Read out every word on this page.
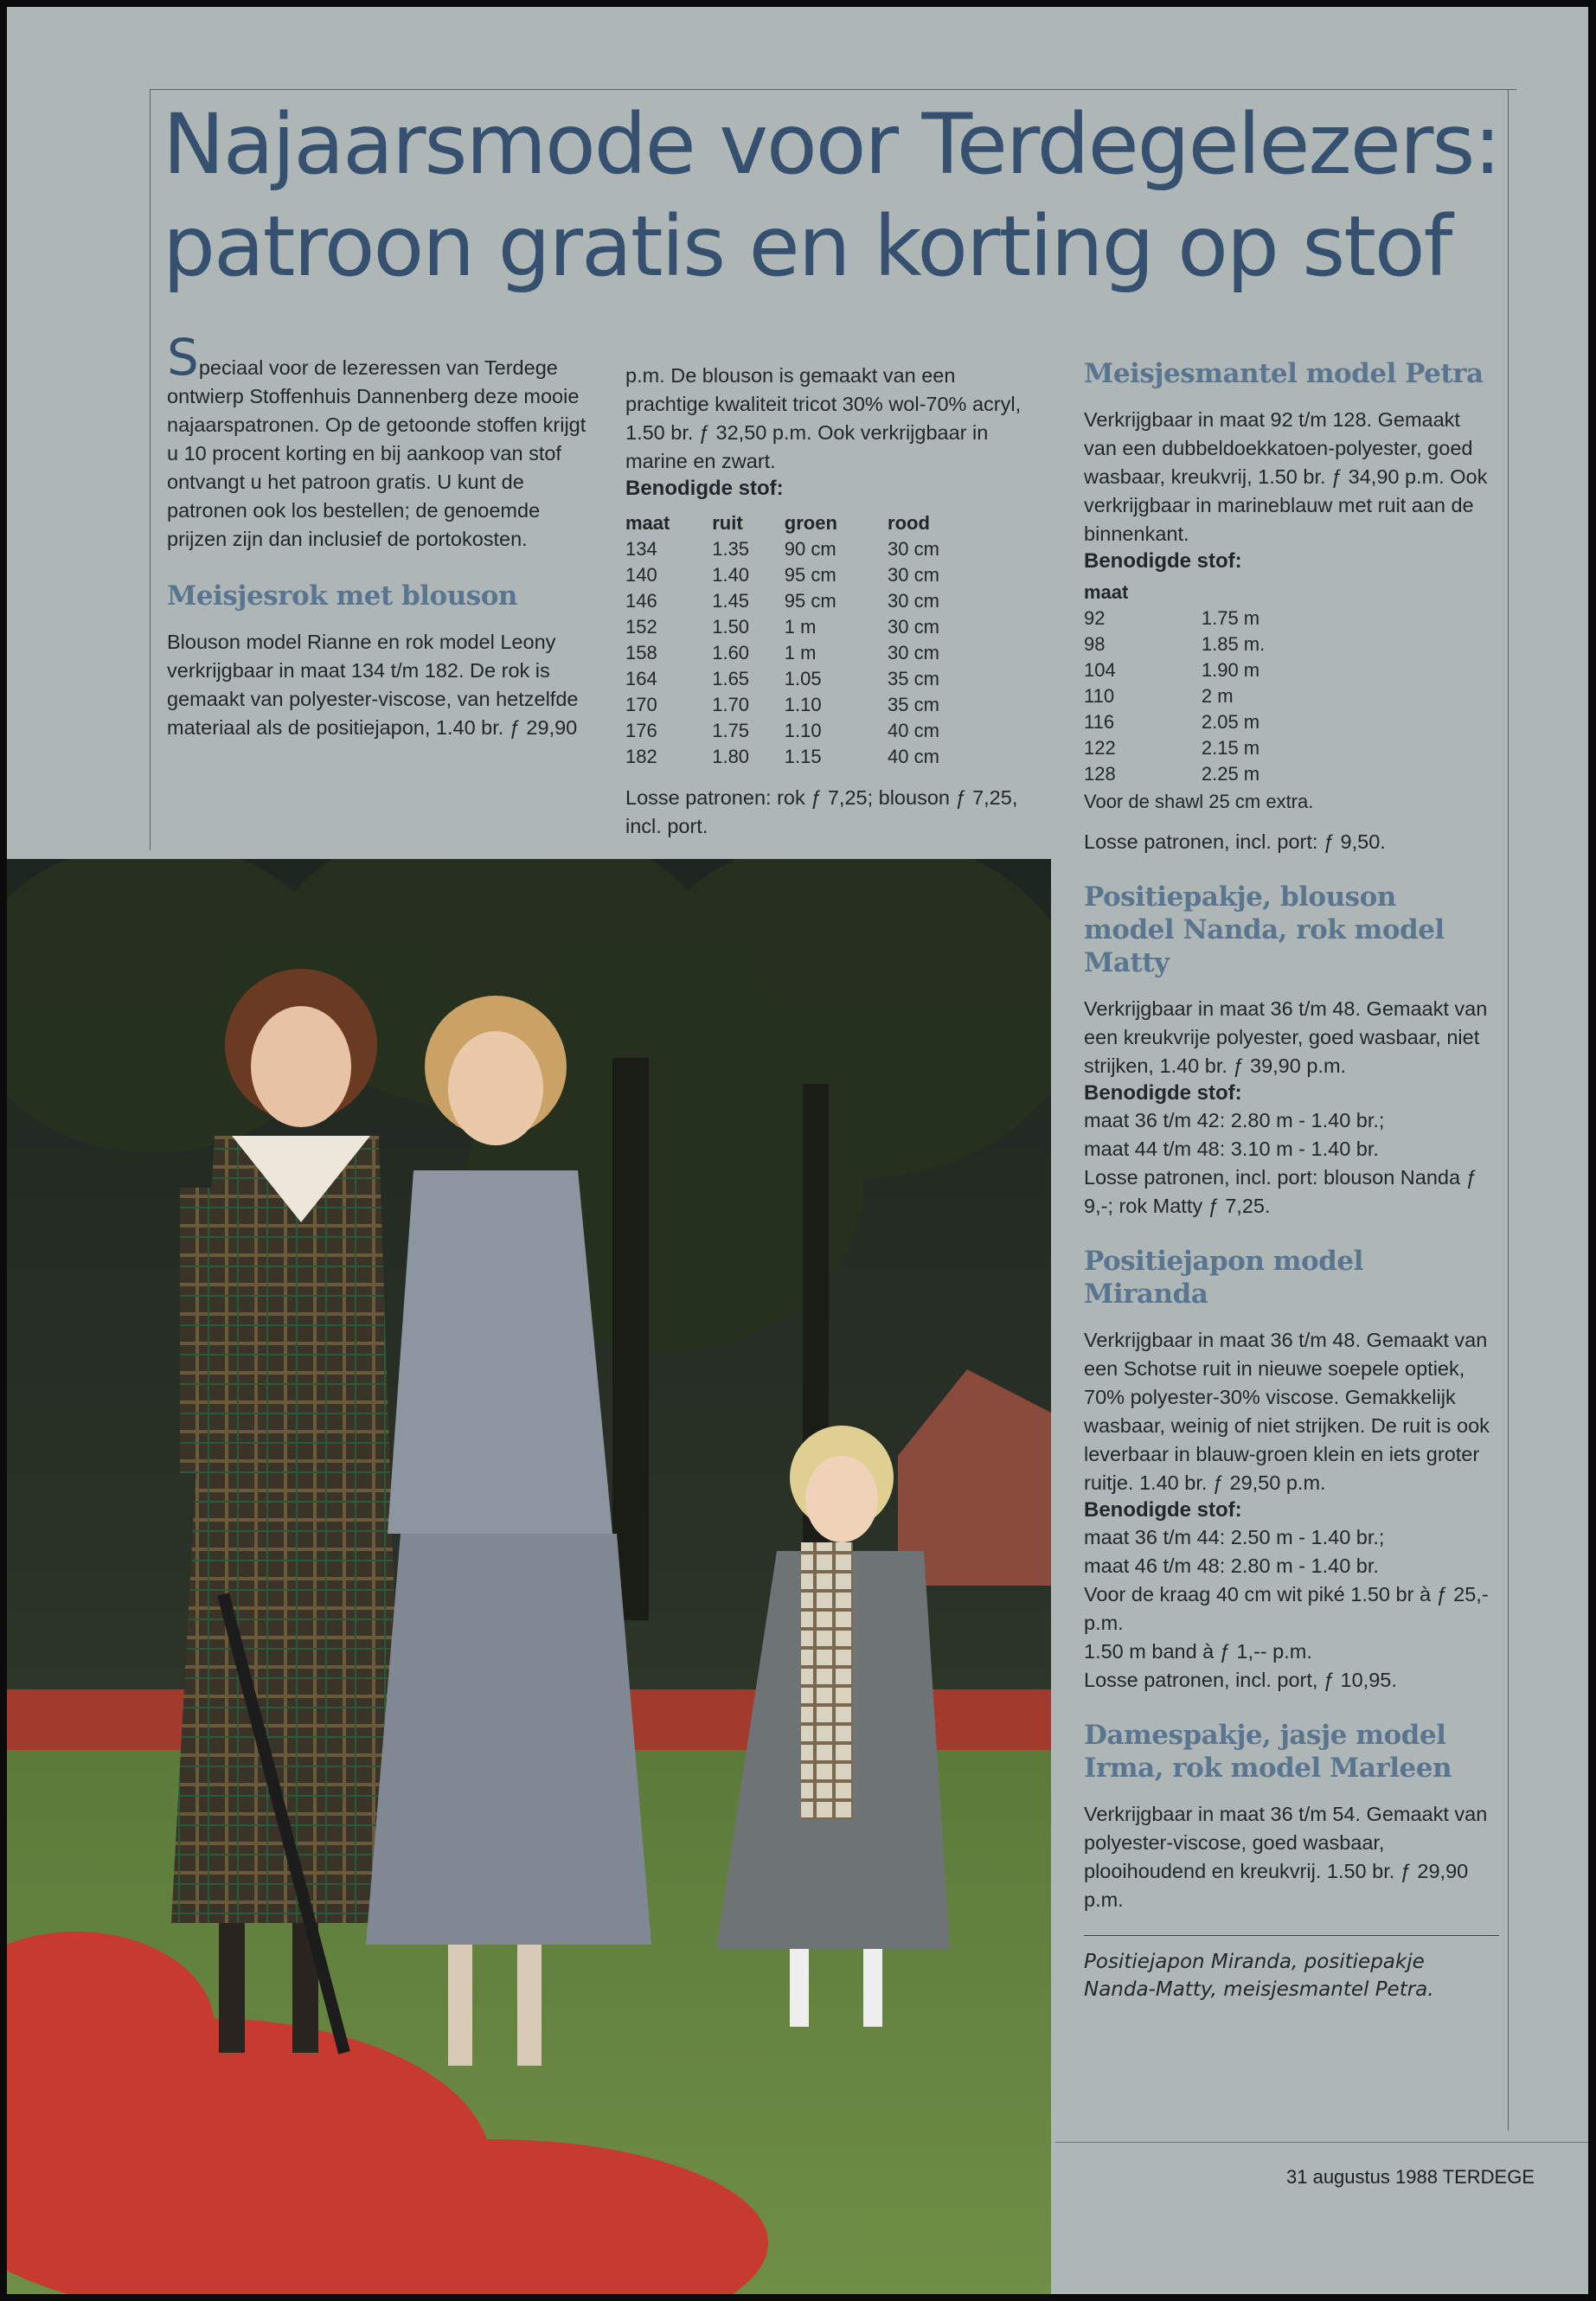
Najaarsmode voor Terdegelezers:
patroon gratis en korting op stof

Speciaal voor de lezeressen van Terdege ontwierp Stoffenhuis Dannenberg deze mooie najaarspatronen. Op de getoonde stoffen krijgt u 10 procent korting en bij aankoop van stof ontvangt u het patroon gratis. U kunt de patronen ook los bestellen; de genoemde prijzen zijn dan inclusief de portokosten.

Meisjesrok met blouson

Blouson model Rianne en rok model Leony verkrijgbaar in maat 134 t/m 182. De rok is gemaakt van polyester-viscose, van hetzelfde materiaal als de positiejapon, 1.40 br. ƒ 29,90

p.m. De blouson is gemaakt van een prachtige kwaliteit tricot 30% wol-70% acryl, 1.50 br. ƒ 32,50 p.m. Ook verkrijgbaar in marine en zwart.

Benodigde stof:
maat	ruit	groen	rood
134	1.35	90 cm	30 cm
140	1.40	95 cm	30 cm
146	1.45	95 cm	30 cm
152	1.50	1 m	30 cm
158	1.60	1 m	30 cm
164	1.65	1.05	35 cm
170	1.70	1.10	35 cm
176	1.75	1.10	40 cm
182	1.80	1.15	40 cm

Losse patronen: rok ƒ 7,25; blouson ƒ 7,25, incl. port.

Meisjesmantel model Petra

Verkrijgbaar in maat 92 t/m 128. Gemaakt van een dubbeldoekkatoen-polyester, goed wasbaar, kreukvrij, 1.50 br. ƒ 34,90 p.m. Ook verkrijgbaar in marineblauw met ruit aan de binnenkant.

Benodigde stof:
maat	
92	1.75 m
98	1.85 m.
104	1.90 m
110	2 m
116	2.05 m
122	2.15 m
128	2.25 m

Voor de shawl 25 cm extra.

Losse patronen, incl. port: ƒ 9,50.

Positiepakje, blouson model Nanda, rok model Matty

Verkrijgbaar in maat 36 t/m 48. Gemaakt van een kreukvrije polyester, goed wasbaar, niet strijken, 1.40 br. ƒ 39,90 p.m.

Benodigde stof:

maat 36 t/m 42: 2.80 m - 1.40 br.;

maat 44 t/m 48: 3.10 m - 1.40 br.

Losse patronen, incl. port: blouson Nanda ƒ 9,-; rok Matty ƒ 7,25.

Positiejapon model Miranda

Verkrijgbaar in maat 36 t/m 48. Gemaakt van een Schotse ruit in nieuwe soepele optiek, 70% polyester-30% viscose. Gemakkelijk wasbaar, weinig of niet strijken. De ruit is ook leverbaar in blauw-groen klein en iets groter ruitje. 1.40 br. ƒ 29,50 p.m.

Benodigde stof:

maat 36 t/m 44: 2.50 m - 1.40 br.;

maat 46 t/m 48: 2.80 m - 1.40 br.

Voor de kraag 40 cm wit piké 1.50 br à ƒ 25,- p.m.

1.50 m band à ƒ 1,-- p.m.

Losse patronen, incl. port, ƒ 10,95.

Damespakje, jasje model Irma, rok model Marleen

Verkrijgbaar in maat 36 t/m 54. Gemaakt van polyester-viscose, goed wasbaar, plooihoudend en kreukvrij. 1.50 br. ƒ 29,90 p.m.

Positiejapon Miranda, positiepakje Nanda-Matty, meisjesmantel Petra.

31 augustus 1988 TERDEGE
